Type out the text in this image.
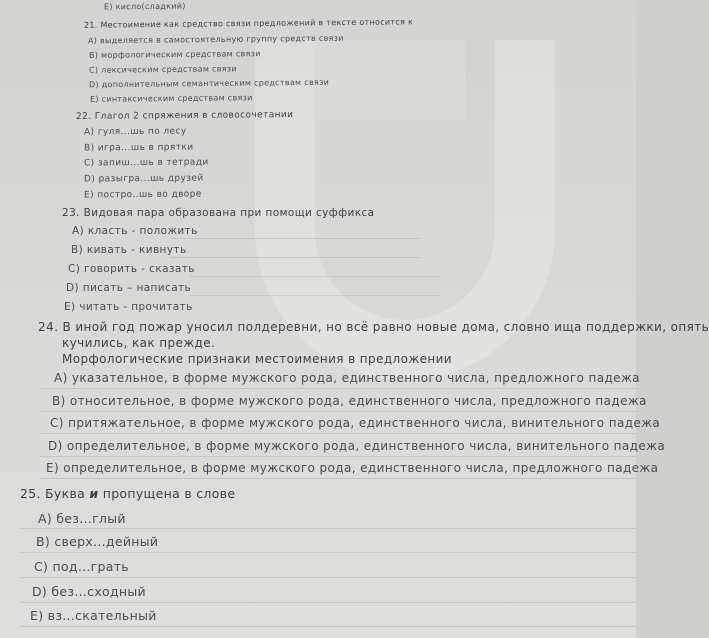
Е) кисло(сладкий)
21. Местоимение как средство связи предложений в тексте относится к
А) выделяется в самостоятельную группу средств связи
В) морфологическим средствам связи
С) лексическим средствам связи
D) дополнительным семантическим средствам связи
Е) синтаксическим средствам связи
22. Глагол 2 спряжения в словосочетании
А) гуля...шь по лесу
В) игра...шь в прятки
С) запиш...шь в тетради
D) разыгра...шь друзей
Е) постро..шь во дворе
23. Видовая пара образована при помощи суффикса
А) класть - положить
В) кивать - кивнуть
С) говорить - сказать
D) писать – написать
Е) читать - прочитать
24. В иной год пожар уносил полдеревни, но всё равно новые дома, словно ища поддержки, опять
кучились, как прежде.
Морфологические признаки местоимения в предложении
А) указательное, в форме мужского рода, единственного числа, предложного падежа
В) относительное, в форме мужского рода, единственного числа, предложного падежа
С) притяжательное, в форме мужского рода, единственного числа, винительного падежа
D) определительное, в форме мужского рода, единственного числа, винительного падежа
Е) определительное, в форме мужского рода, единственного числа, предложного падежа
25. Буква и пропущена в слове
А) без...глый
В) сверх...дейный
С) под...грать
D) без...сходный
Е) вз...скательный
